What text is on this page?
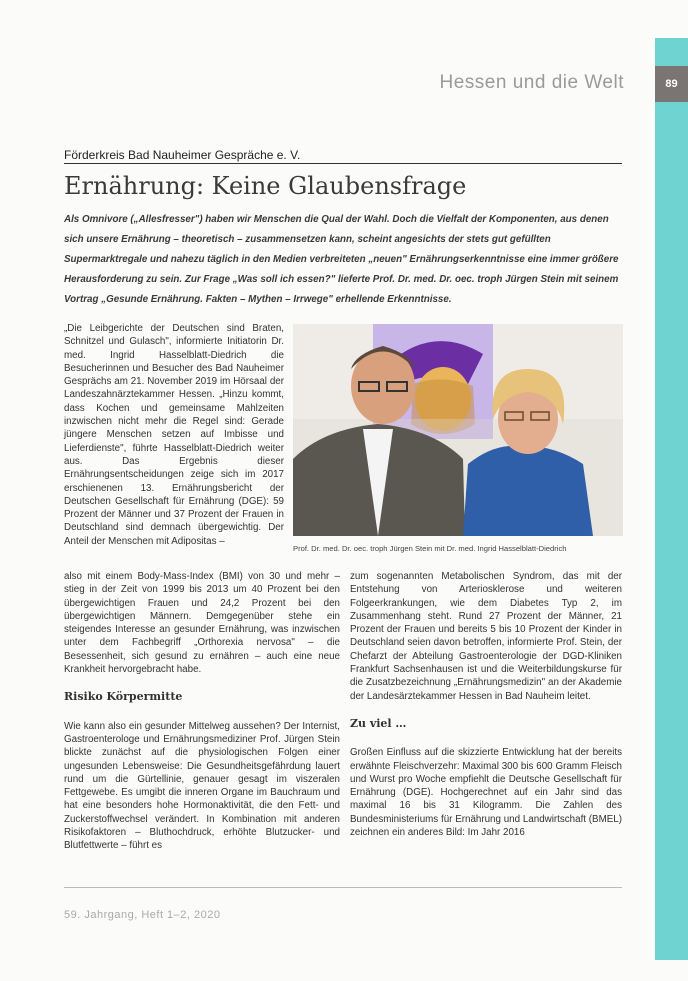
89
Hessen und die Welt
Förderkreis Bad Nauheimer Gespräche e. V.
Ernährung: Keine Glaubensfrage
Als Omnivore („Allesfresser") haben wir Menschen die Qual der Wahl. Doch die Vielfalt der Komponenten, aus denen sich unsere Ernährung – theoretisch – zusammensetzen kann, scheint angesichts der stets gut gefüllten Supermarktregale und nahezu täglich in den Medien verbreiteten „neuen" Ernährungserkenntnisse eine immer größere Herausforderung zu sein. Zur Frage „Was soll ich essen?" lieferte Prof. Dr. med. Dr. oec. troph Jürgen Stein mit seinem Vortrag „Gesunde Ernährung. Fakten – Mythen – Irrwege" erhellende Erkenntnisse.

„Die Leibgerichte der Deutschen sind Braten, Schnitzel und Gulasch", informierte Initiatorin Dr. med. Ingrid Hasselblatt-Diedrich die Besucherinnen und Besucher des Bad Nauheimer Gesprächs am 21. November 2019 im Hörsaal der Landeszahnärztekammer Hessen. „Hinzu kommt, dass Kochen und gemeinsame Mahlzeiten inzwischen nicht mehr die Regel sind: Gerade jüngere Menschen setzen auf Imbisse und Lieferdienste", führte Hasselblatt-Diedrich weiter aus. Das Ergebnis dieser Ernährungsentscheidungen zeige sich im 2017 erschienenen 13. Ernährungsbericht der Deutschen Gesellschaft für Ernährung (DGE): 59 Prozent der Männer und 37 Prozent der Frauen in Deutschland sind demnach übergewichtig. Der Anteil der Menschen mit Adipositas –

Prof. Dr. med. Dr. oec. troph Jürgen Stein mit Dr. med. Ingrid Hasselblatt-Diedrich

also mit einem Body-Mass-Index (BMI) von 30 und mehr – stieg in der Zeit von 1999 bis 2013 um 40 Prozent bei den übergewichtigen Frauen und 24,2 Prozent bei den übergewichtigen Männern. Demgegenüber stehe ein steigendes Interesse an gesunder Ernährung, was inzwischen unter dem Fachbegriff „Orthorexia nervosa" – die Besessenheit, sich gesund zu ernähren – auch eine neue Krankheit hervorgebracht habe.

Risiko Körpermitte

Wie kann also ein gesunder Mittelweg aussehen? Der Internist, Gastroenterologe und Ernährungsmediziner Prof. Jürgen Stein blickte zunächst auf die physiologischen Folgen einer ungesunden Lebensweise: Die Gesundheitsgefährdung lauert rund um die Gürtellinie, genauer gesagt im viszeralen Fettgewebe. Es umgibt die inneren Organe im Bauchraum und hat eine besonders hohe Hormonaktivität, die den Fett- und Zuckerstoffwechsel verändert. In Kombination mit anderen Risikofaktoren – Bluthochdruck, erhöhte Blutzucker- und Blutfettwerte – führt es

zum sogenannten Metabolischen Syndrom, das mit der Entstehung von Arteriosklerose und weiteren Folgeerkrankungen, wie dem Diabetes Typ 2, im Zusammenhang steht. Rund 27 Prozent der Männer, 21 Prozent der Frauen und bereits 5 bis 10 Prozent der Kinder in Deutschland seien davon betroffen, informierte Prof. Stein, der Chefarzt der Abteilung Gastroenterologie der DGD-Kliniken Frankfurt Sachsenhausen ist und die Weiterbildungskurse für die Zusatzbezeichnung „Ernährungsmedizin" an der Akademie der Landesärztekammer Hessen in Bad Nauheim leitet.

Zu viel …

Großen Einfluss auf die skizzierte Entwicklung hat der bereits erwähnte Fleischverzehr: Maximal 300 bis 600 Gramm Fleisch und Wurst pro Woche empfiehlt die Deutsche Gesellschaft für Ernährung (DGE). Hochgerechnet auf ein Jahr sind das maximal 16 bis 31 Kilogramm. Die Zahlen des Bundesministeriums für Ernährung und Landwirtschaft (BMEL) zeichnen ein anderes Bild: Im Jahr 2016

59. Jahrgang, Heft 1–2, 2020
